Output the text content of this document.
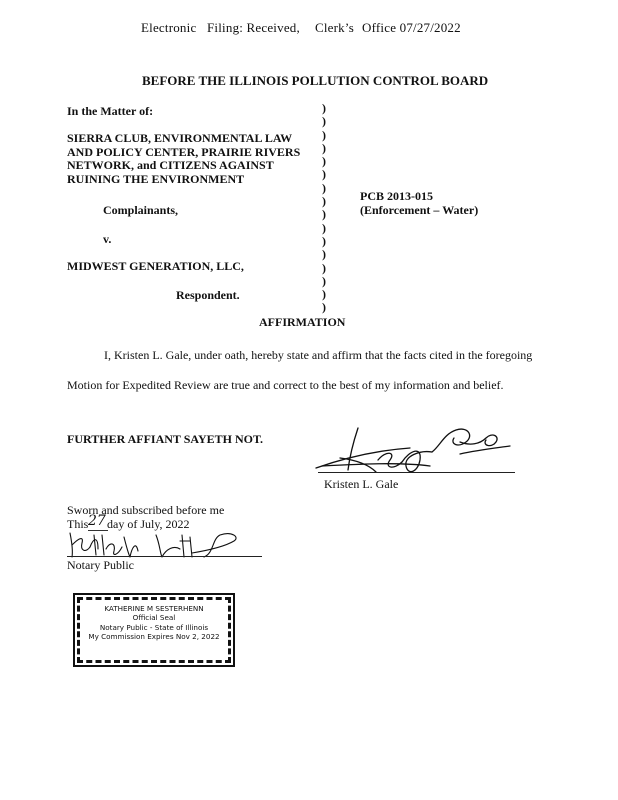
Electronic Filing: Received, Clerk’s Office 07/27/2022
BEFORE THE ILLINOIS POLLUTION CONTROL BOARD
In the Matter of:
SIERRA CLUB, ENVIRONMENTAL LAW
AND POLICY CENTER, PRAIRIE RIVERS
NETWORK, and CITIZENS AGAINST
RUINING THE ENVIRONMENT
Complainants,
v.
MIDWEST GENERATION, LLC,
Respondent.
)
)
)
)
)
)
)
)
)
)
)
)
)
)
)
)
PCB 2013-015
(Enforcement – Water)
AFFIRMATION
I, Kristen L. Gale, under oath, hereby state and affirm that the facts cited in the foregoing
Motion for Expedited Review are true and correct to the best of my information and belief.
FURTHER AFFIANT SAYETH NOT.
Kristen L. Gale
Sworn and subscribed before me
This 27 day of July, 2022
Notary Public
KATHERINE M SESTERHENN
Official Seal
Notary Public - State of Illinois
My Commission Expires Nov 2, 2022
